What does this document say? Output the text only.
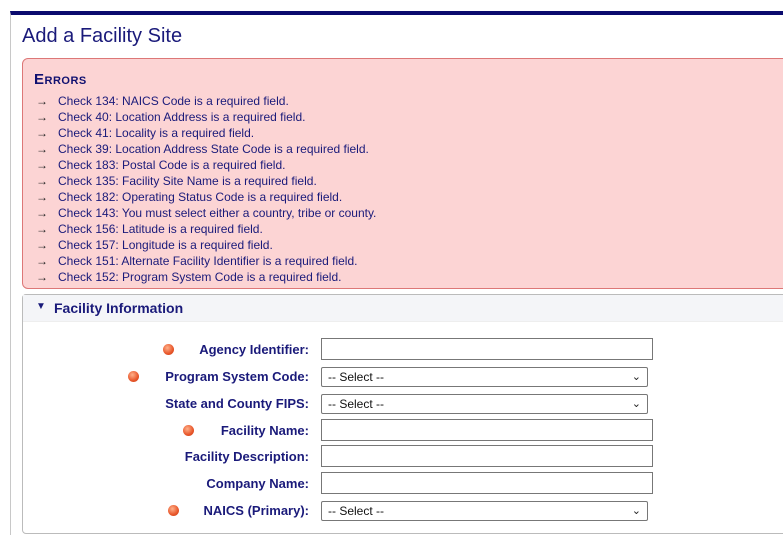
Add a Facility Site
Errors
→ Check 134: NAICS Code is a required field.
→ Check 40: Location Address is a required field.
→ Check 41: Locality is a required field.
→ Check 39: Location Address State Code is a required field.
→ Check 183: Postal Code is a required field.
→ Check 135: Facility Site Name is a required field.
→ Check 182: Operating Status Code is a required field.
→ Check 143: You must select either a country, tribe or county.
→ Check 156: Latitude is a required field.
→ Check 157: Longitude is a required field.
→ Check 151: Alternate Facility Identifier is a required field.
→ Check 152: Program System Code is a required field.
▼ Facility Information
Agency Identifier:
Program System Code:	-- Select --	⌄
State and County FIPS:	-- Select --	⌄
Facility Name:
Facility Description:
Company Name:
NAICS (Primary):	-- Select --	⌄
